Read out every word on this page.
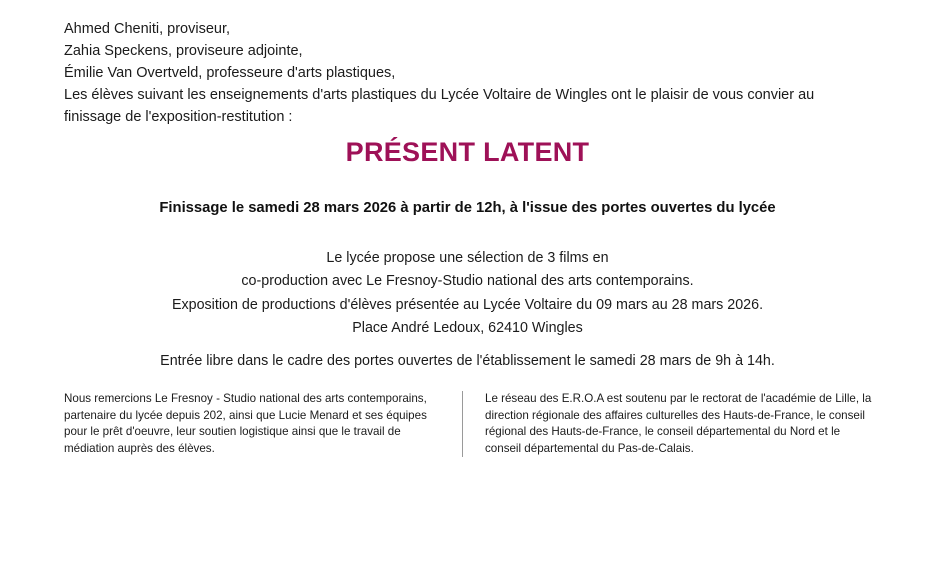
Ahmed Cheniti, proviseur,
Zahia Speckens, proviseure adjointe,
Émilie Van Overtveld, professeure d'arts plastiques,
Les élèves suivant les enseignements d'arts plastiques du Lycée Voltaire de Wingles ont le plaisir de vous convier au finissage de l'exposition-restitution :
PRÉSENT LATENT
Finissage le samedi 28 mars 2026 à partir de 12h, à l'issue des portes ouvertes du lycée
Le lycée propose une sélection de 3 films en
co-production avec Le Fresnoy-Studio national des arts contemporains.
Exposition de productions d'élèves présentée au Lycée Voltaire du 09 mars au 28 mars 2026.
Place André Ledoux, 62410 Wingles
Entrée libre dans le cadre des portes ouvertes de l'établissement le samedi 28 mars de 9h à 14h.

Nous remercions Le Fresnoy - Studio national des arts contemporains, partenaire du lycée depuis 202, ainsi que Lucie Menard et ses équipes pour le prêt d'oeuvre, leur soutien logistique ainsi que le travail de médiation auprès des élèves.

Le réseau des E.R.O.A est soutenu par le rectorat de l'académie de Lille, la direction régionale des affaires culturelles des Hauts-de-France, le conseil régional des Hauts-de-France, le conseil départemental du Nord et le conseil départemental du Pas-de-Calais.
